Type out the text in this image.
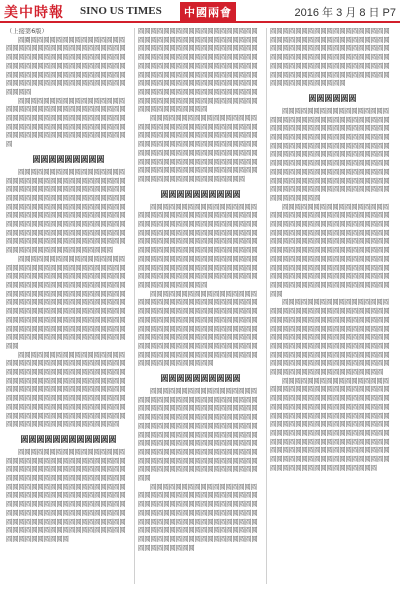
美中時報 SINO US TIMES	中國兩會	2016 年 3 月 8 日 P7

（上接第6版）

圆圈圆圆圆圆圆圆圆圆圆圆圆圆圆圆圆圆圆圆圆圆圆圆圆圆圆圆圆圆圆圆圆圆圆圆圆圆圆圆圆圆圆圆圆圆圆圆圆圆圆圆圆圆圆圆圆圆圆圆圆圆圆圆圆圆圆圆圆圆圆圆圆圆圆圆圆圆圆圆圆圆圆圆圆圆圆圆圆圆圆圆圆圆圆圆圆圆圆圆圆圆圆圆圆圆圆圆圆圆圆圆圆圆圆圆

圆圆圆圆圆圆圆圆圆圆圆圆圆圆圆圆圆圆圆圆圆圆圆圆圆圆圆圆圆圆圆圆圆圆圆圆圆圆圆圆圆圆圆圆圆圆圆圆圆圆圆圆圆圆圆圆圆圆圆圆圆圆圆圆圆圆圆圆圆圆圆圆圆圆圆圆圆圆圆圆圆圆圆圆圆圆圆圆圆圆圆圆圆圆

圆圆圆圆圆圆圆圆圆

圆圆圆圆圆圆圆圆圆圆圆圆圆圆圆圆圆圆圆圆圆圆圆圆圆圆圆圆圆圆圆圆圆圆圆圆圆圆圆圆圆圆圆圆圆圆圆圆圆圆圆圆圆圆圆圆圆圆圆圆圆圆圆圆圆圆圆圆圆圆圆圆圆圆圆圆圆圆圆圆圆圆圆圆圆圆圆圆圆圆圆圆圆圆圆圆圆圆圆圆圆圆圆圆圆圆圆圆圆圆圆圆圆圆圆圆圆圆圆圆圆圆圆圆圆圆圆圆圆圆圆圆圆圆圆圆圆圆圆圆圆圆圆圆圆圆圆圆圆圆圆圆圆圆圆圆圆圆圆圆圆圆圆圆圆圆圆圆圆圆圆圆圆圆圆圆圆圆圆圆圆圆圆圆圆圆

圆圆圆圆圆圆圆圆圆圆圆圆圆圆圆圆圆圆圆圆圆圆圆圆圆圆圆圆圆圆圆圆圆圆圆圆圆圆圆圆圆圆圆圆圆圆圆圆圆圆圆圆圆圆圆圆圆圆圆圆圆圆圆圆圆圆圆圆圆圆圆圆圆圆圆圆圆圆圆圆圆圆圆圆圆圆圆圆圆圆圆圆圆圆圆圆圆圆圆圆圆圆圆圆圆圆圆圆圆圆圆圆圆圆圆圆圆圆圆圆圆圆圆圆圆圆圆圆圆圆圆圆圆圆圆圆圆圆圆圆圆圆圆圆圆圆圆圆圆圆圆圆圆圆圆圆圆圆圆圆圆圆圆圆圆圆圆圆圆圆圆圆圆圆圆圆圆圆圆圆圆圆圆圆圆圆圆圆圆圆

圆圆圆圆圆圆圆圆圆圆圆圆圆圆圆圆圆圆圆圆圆圆圆圆圆圆圆圆圆圆圆圆圆圆圆圆圆圆圆圆圆圆圆圆圆圆圆圆圆圆圆圆圆圆圆圆圆圆圆圆圆圆圆圆圆圆圆圆圆圆圆圆圆圆圆圆圆圆圆圆圆圆圆圆圆圆圆圆圆圆圆圆圆圆圆圆圆圆圆圆圆圆圆圆圆圆圆圆圆圆圆圆圆圆圆圆圆圆圆圆圆圆圆圆圆圆圆圆圆圆圆圆圆圆圆圆圆圆圆圆圆圆圆圆圆圆圆圆圆圆圆圆圆圆圆圆圆圆圆圆圆圆圆圆圆圆圆圆

圆圆圆圆圆圆圆圆圆圆圆圆

圆圆圆圆圆圆圆圆圆圆圆圆圆圆圆圆圆圆圆圆圆圆圆圆圆圆圆圆圆圆圆圆圆圆圆圆圆圆圆圆圆圆圆圆圆圆圆圆圆圆圆圆圆圆圆圆圆圆圆圆圆圆圆圆圆圆圆圆圆圆圆圆圆圆圆圆圆圆圆圆圆圆圆圆圆圆圆圆圆圆圆圆圆圆圆圆圆圆圆圆圆圆圆圆圆圆圆圆圆圆圆圆圆圆圆圆圆圆圆圆圆圆圆圆圆圆圆圆圆圆圆圆圆圆圆圆圆圆圆圆圆圆圆圆圆圆圆圆圆圆圆圆圆圆圆圆圆圆圆圆圆圆圆圆圆圆圆圆圆圆圆圆圆圆圆圆圆圆圆圆圆圆圆圆圆圆圆圆圆圆圆圆圆圆圆圆圆圆

圆圆圆圆圆圆圆圆圆圆圆圆圆圆圆圆圆圆圆圆圆圆圆圆圆圆圆圆圆圆圆圆圆圆圆圆圆圆圆圆圆圆圆圆圆圆圆圆圆圆圆圆圆圆圆圆圆圆圆圆圆圆圆圆圆圆圆圆圆圆圆圆圆圆圆圆圆圆圆圆圆圆圆圆圆圆圆圆圆圆圆圆圆圆圆圆圆圆圆圆圆圆圆圆圆圆圆圆圆圆圆圆圆圆圆圆圆圆圆圆圆圆圆圆圆圆圆圆圆圆圆圆圆圆圆圆圆圆圆圆圆圆圆圆圆圆圆圆圆圆圆圆圆圆圆圆圆圆圆圆圆圆圆圆圆圆圆圆圆圆圆圆圆圆圆圆圆圆圆圆圆圆

圆圆圆圆圆圆圆圆圆圆圆圆圆圆圆圆圆圆圆圆圆圆圆圆圆圆圆圆圆圆圆圆圆圆圆圆圆圆圆圆圆圆圆圆圆圆圆圆圆圆圆圆圆圆圆圆圆圆圆圆圆圆圆圆圆圆圆圆圆圆圆圆圆圆圆圆圆圆圆圆圆圆圆圆圆圆圆圆圆圆圆圆圆圆圆圆圆圆圆圆圆圆圆圆圆圆圆圆圆圆圆圆圆圆圆圆圆圆圆圆圆圆圆圆圆圆圆圆圆圆圆圆圆圆圆圆圆圆圆圆圆圆圆圆圆圆圆圆

圆圆圆圆圆圆圆圆圆圆

圆圆圆圆圆圆圆圆圆圆圆圆圆圆圆圆圆圆圆圆圆圆圆圆圆圆圆圆圆圆圆圆圆圆圆圆圆圆圆圆圆圆圆圆圆圆圆圆圆圆圆圆圆圆圆圆圆圆圆圆圆圆圆圆圆圆圆圆圆圆圆圆圆圆圆圆圆圆圆圆圆圆圆圆圆圆圆圆圆圆圆圆圆圆圆圆圆圆圆圆圆圆圆圆圆圆圆圆圆圆圆圆圆圆圆圆圆圆圆圆圆圆圆圆圆圆圆圆圆圆圆圆圆圆圆圆圆圆圆圆圆圆圆圆圆圆圆圆圆圆圆圆圆圆圆圆圆圆圆圆圆圆圆圆圆圆圆圆圆圆圆圆圆圆圆圆圆圆圆圆

圆圆圆圆圆圆圆圆圆圆圆圆圆圆圆圆圆圆圆圆圆圆圆圆圆圆圆圆圆圆圆圆圆圆圆圆圆圆圆圆圆圆圆圆圆圆圆圆圆圆圆圆圆圆圆圆圆圆圆圆圆圆圆圆圆圆圆圆圆圆圆圆圆圆圆圆圆圆圆圆圆圆圆圆圆圆圆圆圆圆圆圆圆圆圆圆圆圆圆圆圆圆圆圆圆圆圆圆圆圆圆圆圆圆圆圆圆圆圆圆圆圆圆圆圆圆圆圆圆圆圆圆圆圆圆圆圆圆圆圆圆圆圆圆圆圆圆圆圆圆圆圆圆圆圆圆圆圆圆圆圆圆

圆圆圆圆圆圆圆圆圆圆

圆圆圆圆圆圆圆圆圆圆圆圆圆圆圆圆圆圆圆圆圆圆圆圆圆圆圆圆圆圆圆圆圆圆圆圆圆圆圆圆圆圆圆圆圆圆圆圆圆圆圆圆圆圆圆圆圆圆圆圆圆圆圆圆圆圆圆圆圆圆圆圆圆圆圆圆圆圆圆圆圆圆圆圆圆圆圆圆圆圆圆圆圆圆圆圆圆圆圆圆圆圆圆圆圆圆圆圆圆圆圆圆圆圆圆圆圆圆圆圆圆圆圆圆圆圆圆圆圆圆圆圆圆圆圆圆圆圆圆圆圆圆圆圆圆圆圆圆圆圆圆圆圆圆圆圆圆圆圆圆圆圆圆圆圆圆圆圆圆圆圆圆圆圆圆圆圆圆圆圆圆圆圆圆圆圆圆圆圆圆

圆圆圆圆圆圆圆圆圆圆圆圆圆圆圆圆圆圆圆圆圆圆圆圆圆圆圆圆圆圆圆圆圆圆圆圆圆圆圆圆圆圆圆圆圆圆圆圆圆圆圆圆圆圆圆圆圆圆圆圆圆圆圆圆圆圆圆圆圆圆圆圆圆圆圆圆圆圆圆圆圆圆圆圆圆圆圆圆圆圆圆圆圆圆圆圆圆圆圆圆圆圆圆圆圆圆圆圆圆圆圆圆圆圆圆圆圆圆圆圆圆圆圆圆圆圆圆圆圆圆圆圆圆圆圆圆圆圆圆圆

圆圆圆圆圆圆圆圆圆圆圆圆圆圆圆圆圆圆圆圆圆圆圆圆圆圆圆圆圆圆圆圆圆圆圆圆圆圆圆圆圆圆圆圆圆圆圆圆圆圆圆圆圆圆圆圆圆圆圆圆圆圆圆圆圆圆圆圆圆圆圆圆圆圆圆圆圆圆圆圆圆圆圆圆圆圆圆圆圆圆圆圆圆圆圆圆圆圆圆圆圆圆圆圆圆圆圆圆圆圆圆圆圆圆圆圆圆圆圆圆圆圆圆圆圆圆

圆圆圆圆圆圆

圆圆圆圆圆圆圆圆圆圆圆圆圆圆圆圆圆圆圆圆圆圆圆圆圆圆圆圆圆圆圆圆圆圆圆圆圆圆圆圆圆圆圆圆圆圆圆圆圆圆圆圆圆圆圆圆圆圆圆圆圆圆圆圆圆圆圆圆圆圆圆圆圆圆圆圆圆圆圆圆圆圆圆圆圆圆圆圆圆圆圆圆圆圆圆圆圆圆圆圆圆圆圆圆圆圆圆圆圆圆圆圆圆圆圆圆圆圆圆圆圆圆圆圆圆圆圆圆圆圆圆圆圆圆圆圆圆圆圆圆圆圆圆圆圆圆圆圆圆圆圆圆圆圆圆圆圆圆圆圆圆圆圆圆圆圆圆圆圆圆圆圆圆圆圆圆圆圆圆圆圆圆圆圆圆圆圆圆圆圆圆圆圆圆圆圆

圆圆圆圆圆圆圆圆圆圆圆圆圆圆圆圆圆圆圆圆圆圆圆圆圆圆圆圆圆圆圆圆圆圆圆圆圆圆圆圆圆圆圆圆圆圆圆圆圆圆圆圆圆圆圆圆圆圆圆圆圆圆圆圆圆圆圆圆圆圆圆圆圆圆圆圆圆圆圆圆圆圆圆圆圆圆圆圆圆圆圆圆圆圆圆圆圆圆圆圆圆圆圆圆圆圆圆圆圆圆圆圆圆圆圆圆圆圆圆圆圆圆圆圆圆圆圆圆圆圆圆圆圆圆圆圆圆圆圆圆圆圆圆圆圆圆圆圆圆圆圆圆圆圆圆圆圆圆圆圆圆圆圆圆圆圆圆圆圆圆圆圆圆圆圆圆圆圆圆圆圆圆圆圆圆圆圆圆圆圆

圆圆圆圆圆圆圆圆圆圆圆圆圆圆圆圆圆圆圆圆圆圆圆圆圆圆圆圆圆圆圆圆圆圆圆圆圆圆圆圆圆圆圆圆圆圆圆圆圆圆圆圆圆圆圆圆圆圆圆圆圆圆圆圆圆圆圆圆圆圆圆圆圆圆圆圆圆圆圆圆圆圆圆圆圆圆圆圆圆圆圆圆圆圆圆圆圆圆圆圆圆圆圆圆圆圆圆圆圆圆圆圆圆圆圆圆圆圆圆圆圆圆圆圆圆圆圆圆圆圆圆圆圆圆圆圆圆圆圆圆圆圆圆圆圆圆圆圆圆圆圆圆圆圆圆圆圆圆圆圆圆圆圆圆圆圆圆圆

圆圆圆圆圆圆圆圆圆圆圆圆圆圆圆圆圆圆圆圆圆圆圆圆圆圆圆圆圆圆圆圆圆圆圆圆圆圆圆圆圆圆圆圆圆圆圆圆圆圆圆圆圆圆圆圆圆圆圆圆圆圆圆圆圆圆圆圆圆圆圆圆圆圆圆圆圆圆圆圆圆圆圆圆圆圆圆圆圆圆圆圆圆圆圆圆圆圆圆圆圆圆圆圆圆圆圆圆圆圆圆圆圆圆圆圆圆圆圆圆圆圆圆圆圆圆圆圆圆圆圆圆圆圆圆圆圆圆圆圆圆圆圆圆圆圆圆圆圆圆圆圆圆圆圆圆圆圆圆圆圆圆圆圆圆圆圆圆圆圆圆圆圆圆圆圆圆圆圆圆圆圆圆圆圆圆圆圆圆圆圆圆圆圆圆圆圆圆圆圆圆圆圆圆圆
